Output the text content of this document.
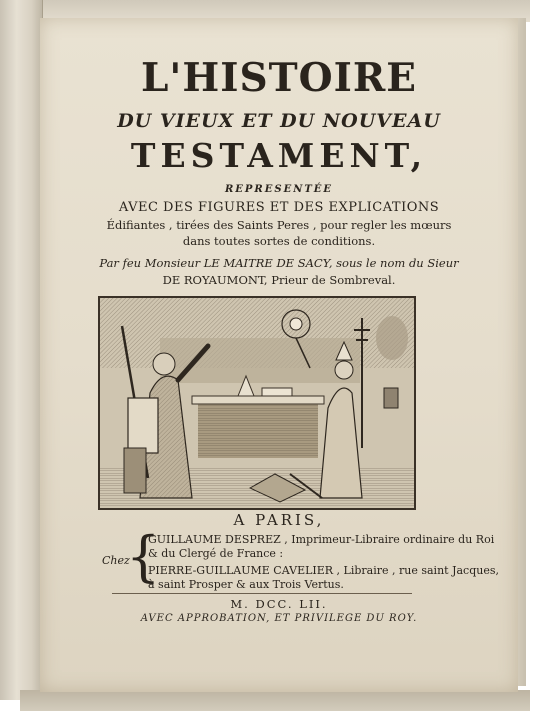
L'HISTOIRE
DU VIEUX ET DU NOUVEAU
TESTAMENT,
REPRESENTÉE
AVEC DES FIGURES ET DES EXPLICATIONS
Édifiantes , tirées des Saints Peres , pour regler les mœurs
dans toutes sortes de conditions.
Par feu Monsieur LE MAITRE DE SACY, sous le nom du Sieur
DE ROYAUMONT, Prieur de Sombreval.
A PARIS,
Chez
{
GUILLAUME DESPREZ , Imprimeur-Libraire ordinaire du Roi
& du Clergé de France :
PIERRE-GUILLAUME CAVELIER , Libraire , rue saint Jacques,
à saint Prosper & aux Trois Vertus.
M. DCC. LII.
AVEC APPROBATION, ET PRIVILEGE DU ROY.
